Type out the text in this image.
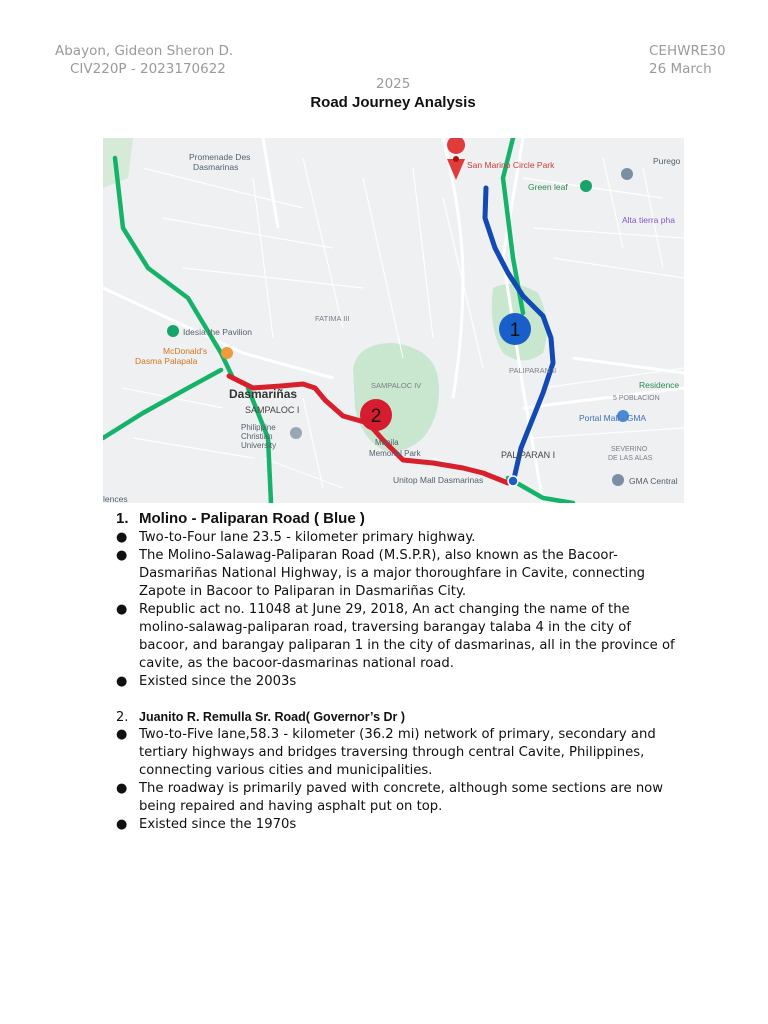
Abayon, Gideon Sheron D.
CIV220P - 2023170622
CEHWRE30
26 March
2025
Road Journey Analysis
1
2
Promenade Des
Dasmarinas	San Marino Circle Park	Purego
Green leaf
Alta tierra pha
Idesia the Pavilion
McDonald's
Dasma Palapala
FATIMA III
SAMPALOC IV
Dasmariñas
SAMPALOC I
Philippine
Christian
University	Manila
Memorial Park
PALIPARAN II
PALIPARAN I
Residence
5 POBLACION
Portal Mall - GMA
SEVERINO
DE LAS ALAS
Unitop Mall Dasmarinas	GMA Central
lences
1. Molino - Paliparan Road ( Blue )
● Two-to-Four lane 23.5 - kilometer primary highway.
● The Molino-Salawag-Paliparan Road (M.S.P.R), also known as the Bacoor-Dasmariñas National Highway, is a major thoroughfare in Cavite, connecting Zapote in Bacoor to Paliparan in Dasmariñas City.
● Republic act no. 11048 at June 29, 2018, An act changing the name of the molino-salawag-paliparan road, traversing barangay talaba 4 in the city of bacoor, and barangay paliparan 1 in the city of dasmarinas, all in the province of cavite, as the bacoor-dasmarinas national road.
● Existed since the 2003s
2. Juanito R. Remulla Sr. Road( Governor’s Dr )
● Two-to-Five lane,58.3 - kilometer (36.2 mi) network of primary, secondary and tertiary highways and bridges traversing through central Cavite, Philippines, connecting various cities and municipalities.
● The roadway is primarily paved with concrete, although some sections are now being repaired and having asphalt put on top.
● Existed since the 1970s
